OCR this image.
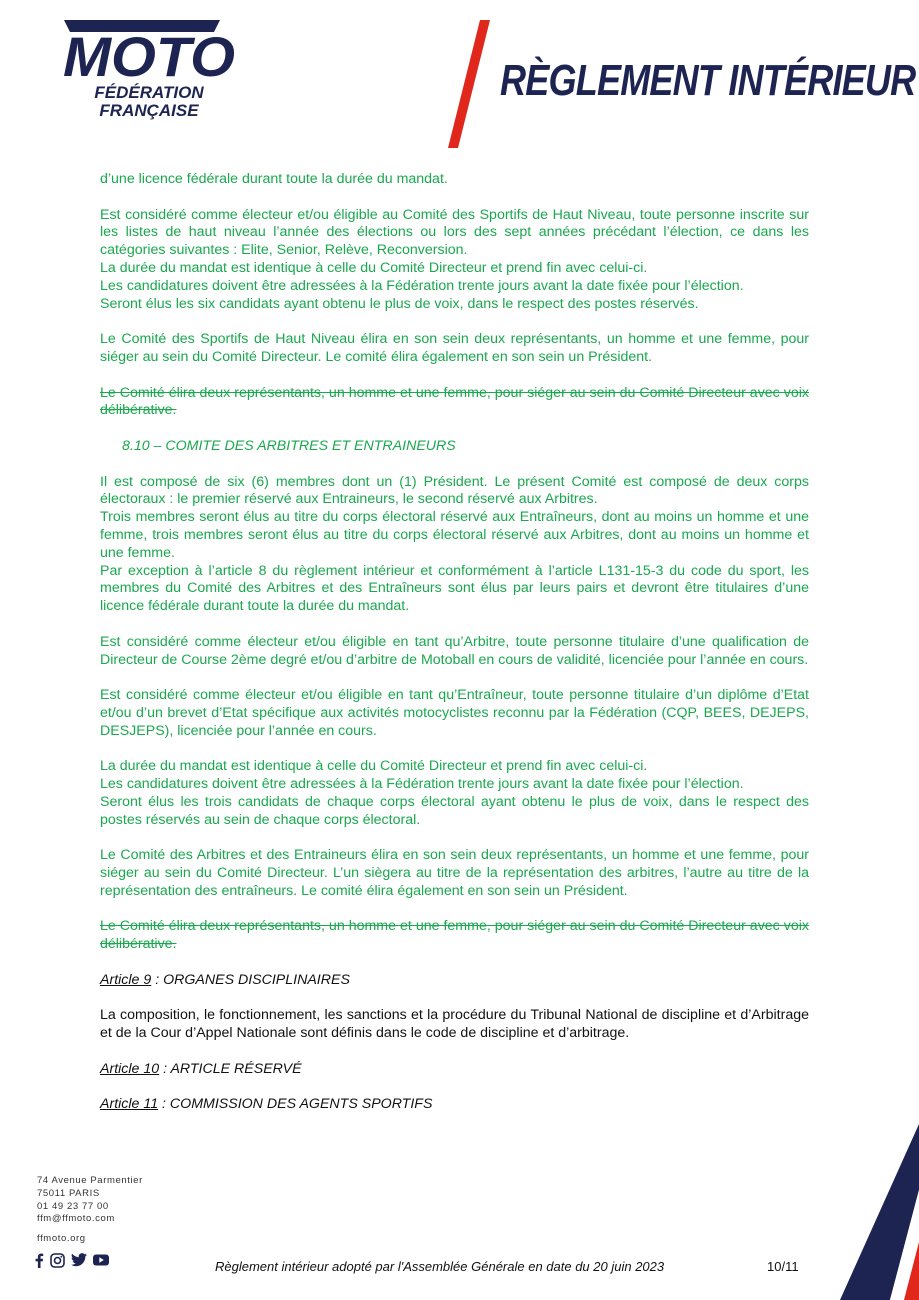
MOTO
FÉDÉRATION
FRANÇAISE
RÈGLEMENT INTÉRIEUR

d’une licence fédérale durant toute la durée du mandat.

Est considéré comme électeur et/ou éligible au Comité des Sportifs de Haut Niveau, toute personne inscrite sur les listes de haut niveau l’année des élections ou lors des sept années précédant l’élection, ce dans les catégories suivantes : Elite, Senior, Relève, Reconversion.

La durée du mandat est identique à celle du Comité Directeur et prend fin avec celui-ci.

Les candidatures doivent être adressées à la Fédération trente jours avant la date fixée pour l’élection.

Seront élus les six candidats ayant obtenu le plus de voix, dans le respect des postes réservés.

Le Comité des Sportifs de Haut Niveau élira en son sein deux représentants, un homme et une femme, pour siéger au sein du Comité Directeur. Le comité élira également en son sein un Président.

Le Comité élira deux représentants, un homme et une femme, pour siéger au sein du Comité Directeur avec voix délibérative.

8.10 – COMITE DES ARBITRES ET ENTRAINEURS

Il est composé de six (6) membres dont un (1) Président. Le présent Comité est composé de deux corps électoraux : le premier réservé aux Entraineurs, le second réservé aux Arbitres.

Trois membres seront élus au titre du corps électoral réservé aux Entraîneurs, dont au moins un homme et une femme, trois membres seront élus au titre du corps électoral réservé aux Arbitres, dont au moins un homme et une femme.

Par exception à l’article 8 du règlement intérieur et conformément à l’article L131-15-3 du code du sport, les membres du Comité des Arbitres et des Entraîneurs sont élus par leurs pairs et devront être titulaires d’une licence fédérale durant toute la durée du mandat.

Est considéré comme électeur et/ou éligible en tant qu’Arbitre, toute personne titulaire d’une qualification de Directeur de Course 2ème degré et/ou d’arbitre de Motoball en cours de validité, licenciée pour l’année en cours.

Est considéré comme électeur et/ou éligible en tant qu’Entraîneur, toute personne titulaire d’un diplôme d’Etat et/ou d’un brevet d’Etat spécifique aux activités motocyclistes reconnu par la Fédération (CQP, BEES, DEJEPS, DESJEPS), licenciée pour l’année en cours.

La durée du mandat est identique à celle du Comité Directeur et prend fin avec celui-ci.

Les candidatures doivent être adressées à la Fédération trente jours avant la date fixée pour l’élection.

Seront élus les trois candidats de chaque corps électoral ayant obtenu le plus de voix, dans le respect des postes réservés au sein de chaque corps électoral.

Le Comité des Arbitres et des Entraineurs élira en son sein deux représentants, un homme et une femme, pour siéger au sein du Comité Directeur. L’un siègera au titre de la représentation des arbitres, l’autre au titre de la représentation des entraîneurs. Le comité élira également en son sein un Président.

Le Comité élira deux représentants, un homme et une femme, pour siéger au sein du Comité Directeur avec voix délibérative.

Article 9 : ORGANES DISCIPLINAIRES

La composition, le fonctionnement, les sanctions et la procédure du Tribunal National de discipline et d’Arbitrage et de la Cour d’Appel Nationale sont définis dans le code de discipline et d’arbitrage.

Article 10 : ARTICLE RÉSERVÉ

Article 11 : COMMISSION DES AGENTS SPORTIFS

74 Avenue Parmentier
75011 PARIS
01 49 23 77 00
ffm@ffmoto.com
ffmoto.org
Règlement intérieur adopté par l'Assemblée Générale en date du 20 juin 2023	10/11
